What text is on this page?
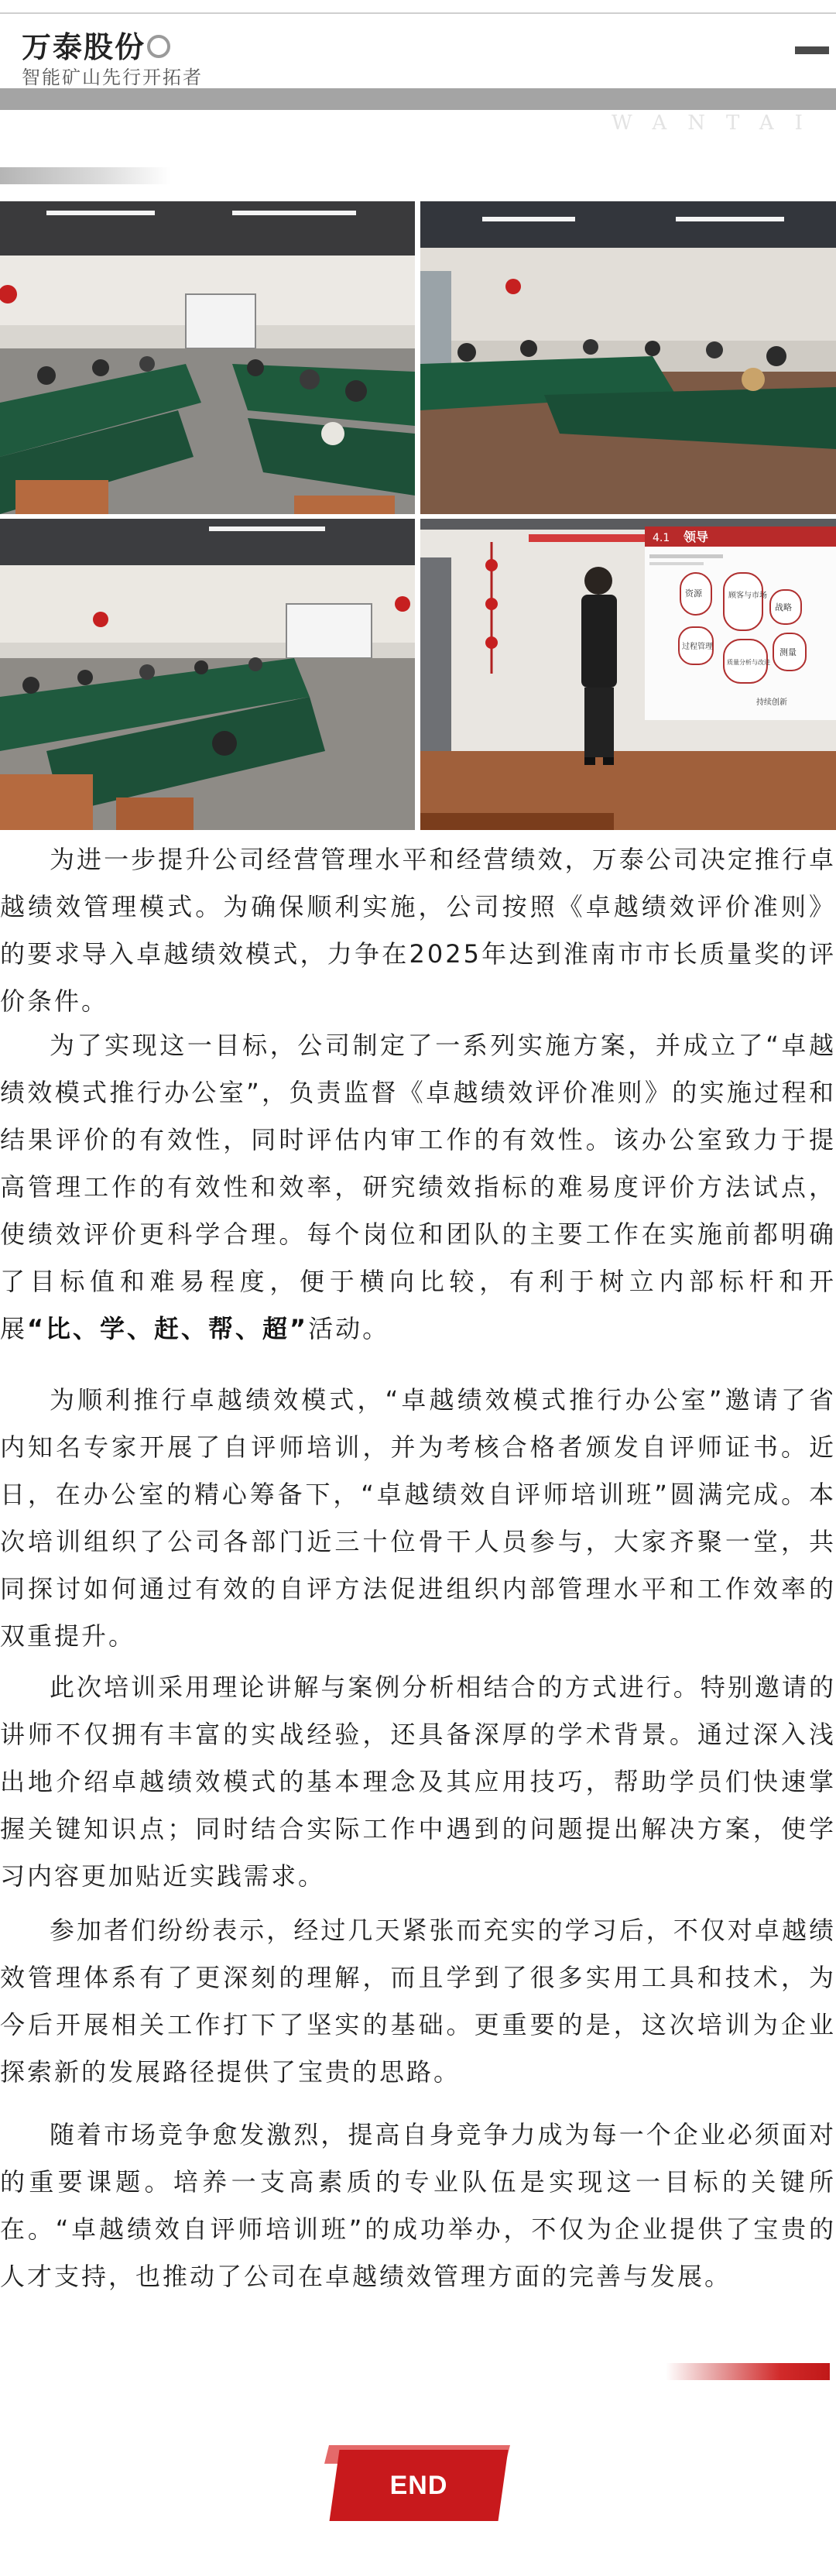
万泰股份
智能矿山先行开拓者
WANTAI
4.1 领导
资源	顾客与市场
战略
过程管理
质量分析与改进
测量
持续创新

为进一步提升公司经营管理水平和经营绩效，万泰公司决定推行卓越绩效管理模式。为确保顺利实施，公司按照《卓越绩效评价准则》的要求导入卓越绩效模式，力争在2025年达到淮南市市长质量奖的评价条件。

为了实现这一目标，公司制定了一系列实施方案，并成立了“卓越绩效模式推行办公室”，负责监督《卓越绩效评价准则》的实施过程和结果评价的有效性，同时评估内审工作的有效性。该办公室致力于提高管理工作的有效性和效率，研究绩效指标的难易度评价方法试点，使绩效评价更科学合理。每个岗位和团队的主要工作在实施前都明确了目标值和难易程度，便于横向比较，有利于树立内部标杆和开展“比、学、赶、帮、超”活动。

为顺利推行卓越绩效模式，“卓越绩效模式推行办公室”邀请了省内知名专家开展了自评师培训，并为考核合格者颁发自评师证书。近日，在办公室的精心筹备下，“卓越绩效自评师培训班”圆满完成。本次培训组织了公司各部门近三十位骨干人员参与，大家齐聚一堂，共同探讨如何通过有效的自评方法促进组织内部管理水平和工作效率的双重提升。

此次培训采用理论讲解与案例分析相结合的方式进行。特别邀请的讲师不仅拥有丰富的实战经验，还具备深厚的学术背景。通过深入浅出地介绍卓越绩效模式的基本理念及其应用技巧，帮助学员们快速掌握关键知识点；同时结合实际工作中遇到的问题提出解决方案，使学习内容更加贴近实践需求。

参加者们纷纷表示，经过几天紧张而充实的学习后，不仅对卓越绩效管理体系有了更深刻的理解，而且学到了很多实用工具和技术，为今后开展相关工作打下了坚实的基础。更重要的是，这次培训为企业探索新的发展路径提供了宝贵的思路。

随着市场竞争愈发激烈，提高自身竞争力成为每一个企业必须面对的重要课题。培养一支高素质的专业队伍是实现这一目标的关键所在。“卓越绩效自评师培训班”的成功举办，不仅为企业提供了宝贵的人才支持，也推动了公司在卓越绩效管理方面的完善与发展。

END
